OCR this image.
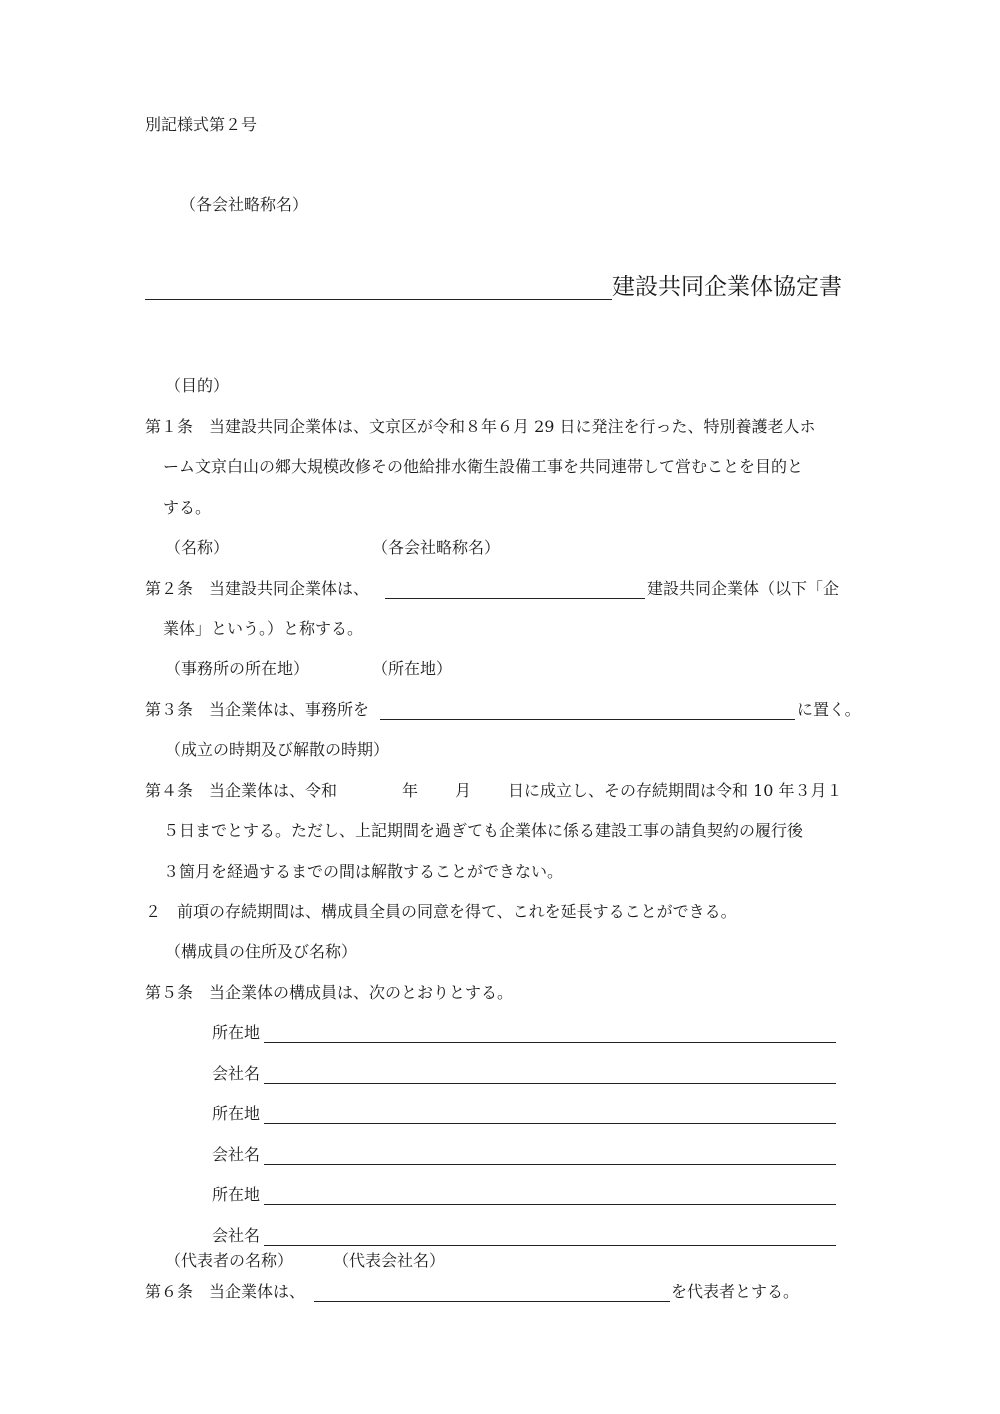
別記様式第２号
（各会社略称名）
建設共同企業体協定書
（目的）
第１条　当建設共同企業体は、文京区が令和８年６月 29 日に発注を行った、特別養護老人ホ
ーム文京白山の郷大規模改修その他給排水衛生設備工事を共同連帯して営むことを目的と
する。
（名称）	（各会社略称名）
第２条　当建設共同企業体は、	建設共同企業体（以下「企
業体」という。）と称する。
（事務所の所在地）	（所在地）
第３条　当企業体は、事務所を	に置く。
（成立の時期及び解散の時期）
第４条　当企業体は、令和	年 月 日に成立し、その存続期間は令和 10 年３月１
５日までとする。ただし、上記期間を過ぎても企業体に係る建設工事の請負契約の履行後
３箇月を経過するまでの間は解散することができない。
２　前項の存続期間は、構成員全員の同意を得て、これを延長することができる。
（構成員の住所及び名称）
第５条　当企業体の構成員は、次のとおりとする。
所在地
会社名
所在地
会社名
所在地
会社名
（代表者の名称） （代表会社名）
第６条　当企業体は、	を代表者とする。
